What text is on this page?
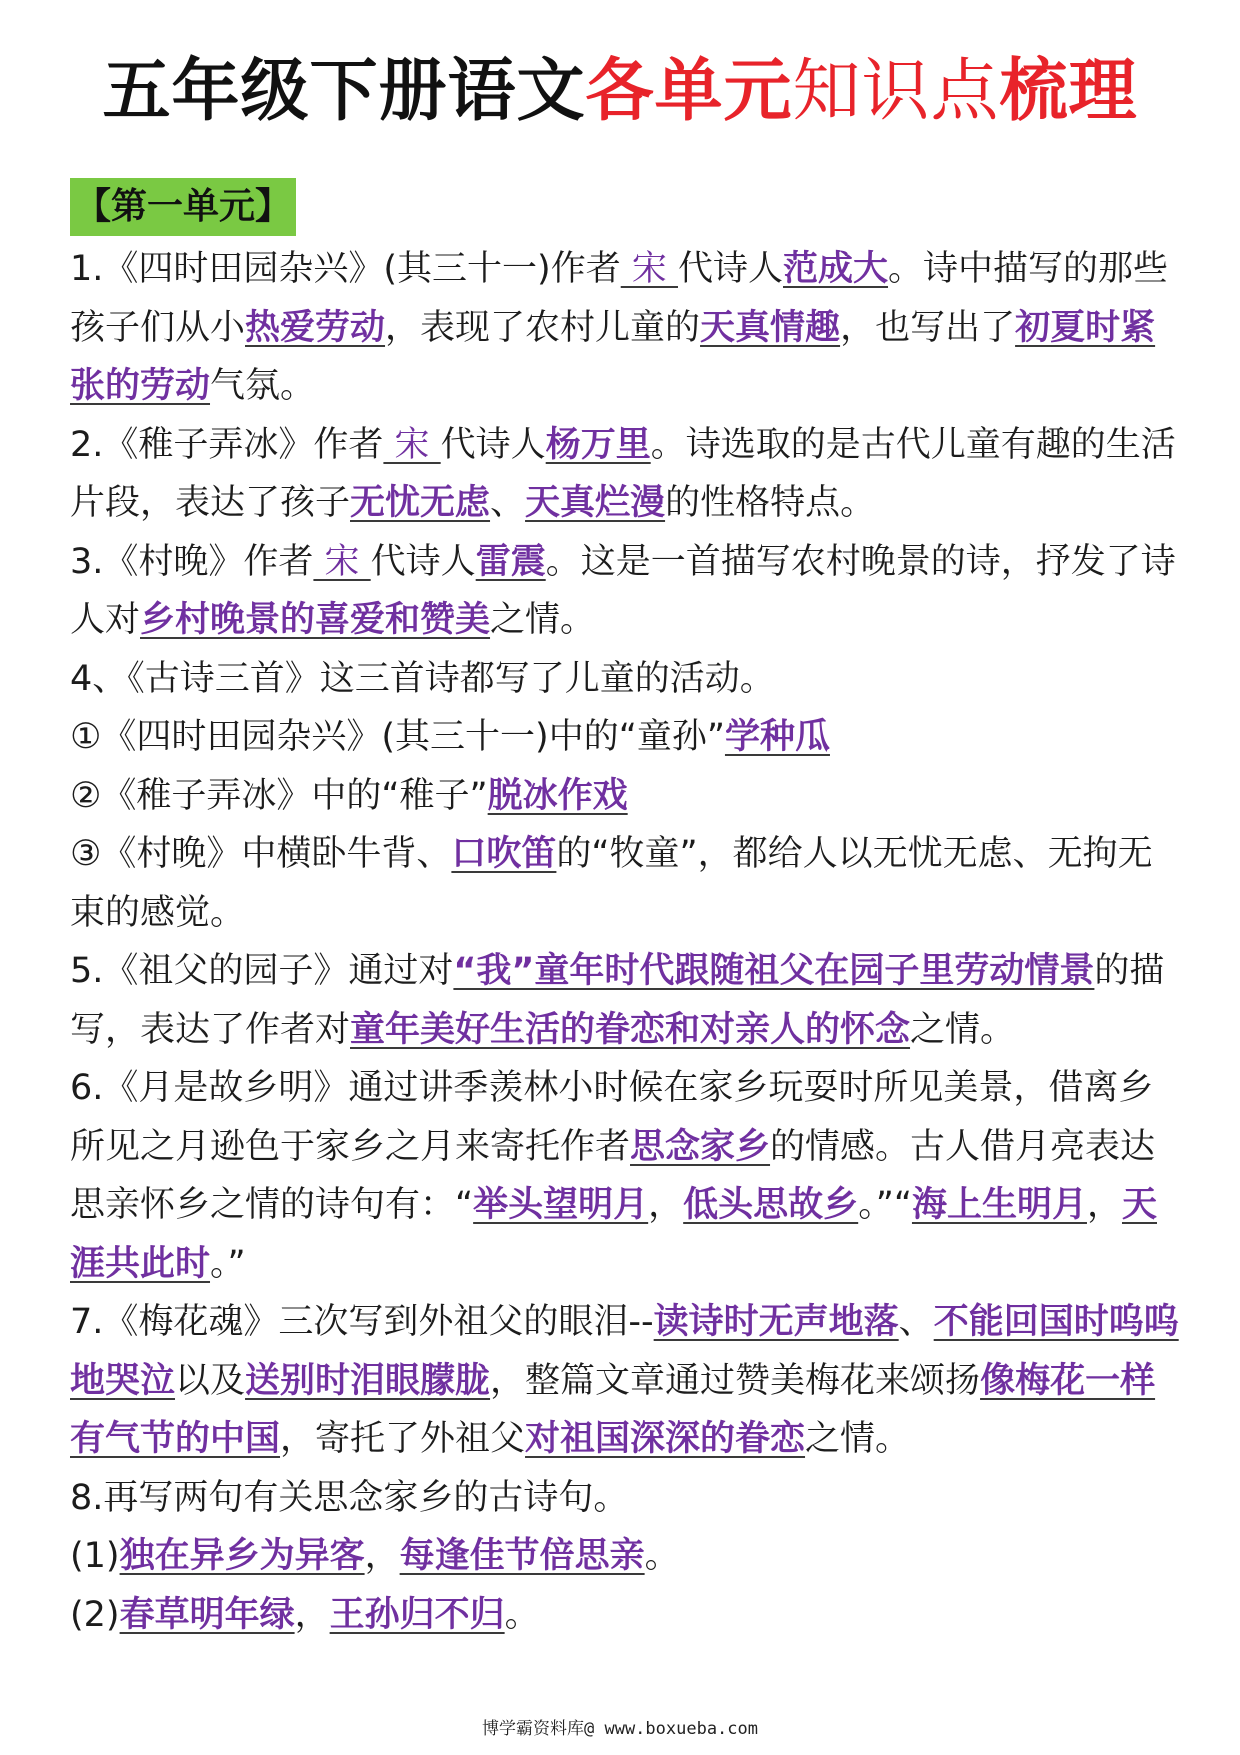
五年级下册语文各单元知识点梳理
【第一单元】

1.《四时田园杂兴》(其三十一)作者 宋 代诗人范成大。诗中描写的那些孩子们从小热爱劳动，表现了农村儿童的天真情趣，也写出了初夏时紧张的劳动气氛。

2.《稚子弄冰》作者 宋 代诗人杨万里。诗选取的是古代儿童有趣的生活片段，表达了孩子无忧无虑、天真烂漫的性格特点。

3.《村晚》作者 宋 代诗人雷震。这是一首描写农村晚景的诗，抒发了诗人对乡村晚景的喜爱和赞美之情。

4、《古诗三首》这三首诗都写了儿童的活动。

①《四时田园杂兴》(其三十一)中的“童孙”学种瓜

②《稚子弄冰》中的“稚子”脱冰作戏

③《村晚》中横卧牛背、口吹笛的“牧童”，都给人以无忧无虑、无拘无束的感觉。

5.《祖父的园子》通过对“我”童年时代跟随祖父在园子里劳动情景的描写，表达了作者对童年美好生活的眷恋和对亲人的怀念之情。

6.《月是故乡明》通过讲季羡林小时候在家乡玩耍时所见美景，借离乡所见之月逊色于家乡之月来寄托作者思念家乡的情感。古人借月亮表达思亲怀乡之情的诗句有：“举头望明月，低头思故乡。”“海上生明月，天涯共此时。”

7.《梅花魂》三次写到外祖父的眼泪--读诗时无声地落、不能回国时呜呜地哭泣以及送别时泪眼朦胧，整篇文章通过赞美梅花来颂扬像梅花一样有气节的中国，寄托了外祖父对祖国深深的眷恋之情。

8.再写两句有关思念家乡的古诗句。

(1)独在异乡为异客，每逢佳节倍思亲。

(2)春草明年绿，王孙归不归。

博学霸资料库@ www.boxueba.com
